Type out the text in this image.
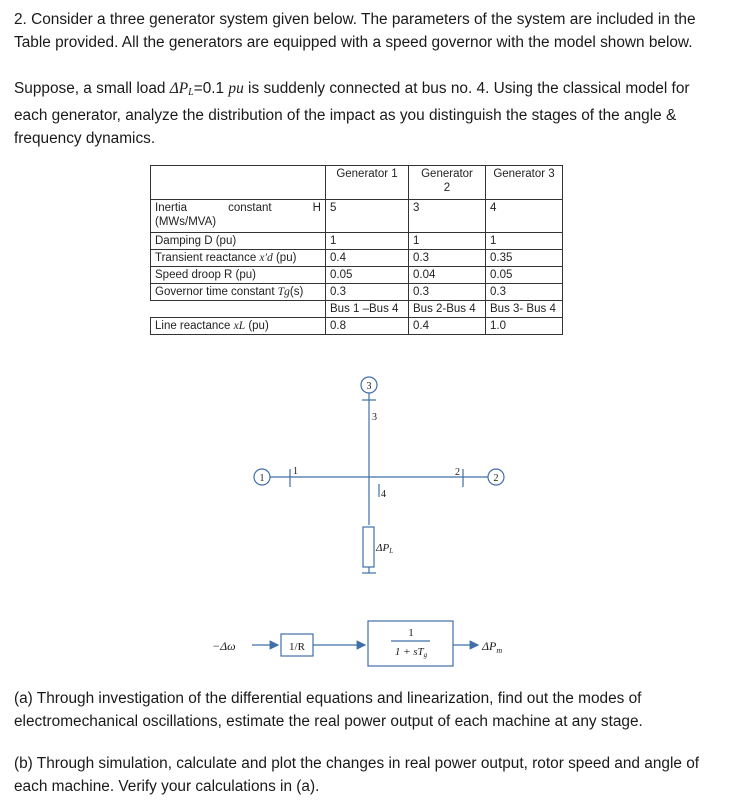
2. Consider a three generator system given below. The parameters of the system are included in the Table provided. All the generators are equipped with a speed governor with the model shown below.

Suppose, a small load ΔPL=0.1 pu is suddenly connected at bus no. 4. Using the classical model for each generator, analyze the distribution of the impact as you distinguish the stages of the angle & frequency dynamics.

	Generator 1	Generator 2	Generator 3

Inertia constant H
(MWs/MVA)	5	3	4
Damping D (pu)	1	1	1
Transient reactance x′d (pu)	0.4	0.3	0.35
Speed droop R (pu)	0.05	0.04	0.05
Governor time constant Tg(s)	0.3	0.3	0.3
	Bus 1 –Bus 4	Bus 2-Bus 4	Bus 3- Bus 4
Line reactance xL (pu)	0.8	0.4	1.0
3
3
1
1	2
2
4
ΔPL
−Δω	1/R
1
1 + sTg
$\Delta P_m$

(a) Through investigation of the differential equations and linearization, find out the modes of electromechanical oscillations, estimate the real power output of each machine at any stage.

(b) Through simulation, calculate and plot the changes in real power output, rotor speed and angle of each machine. Verify your calculations in (a).
